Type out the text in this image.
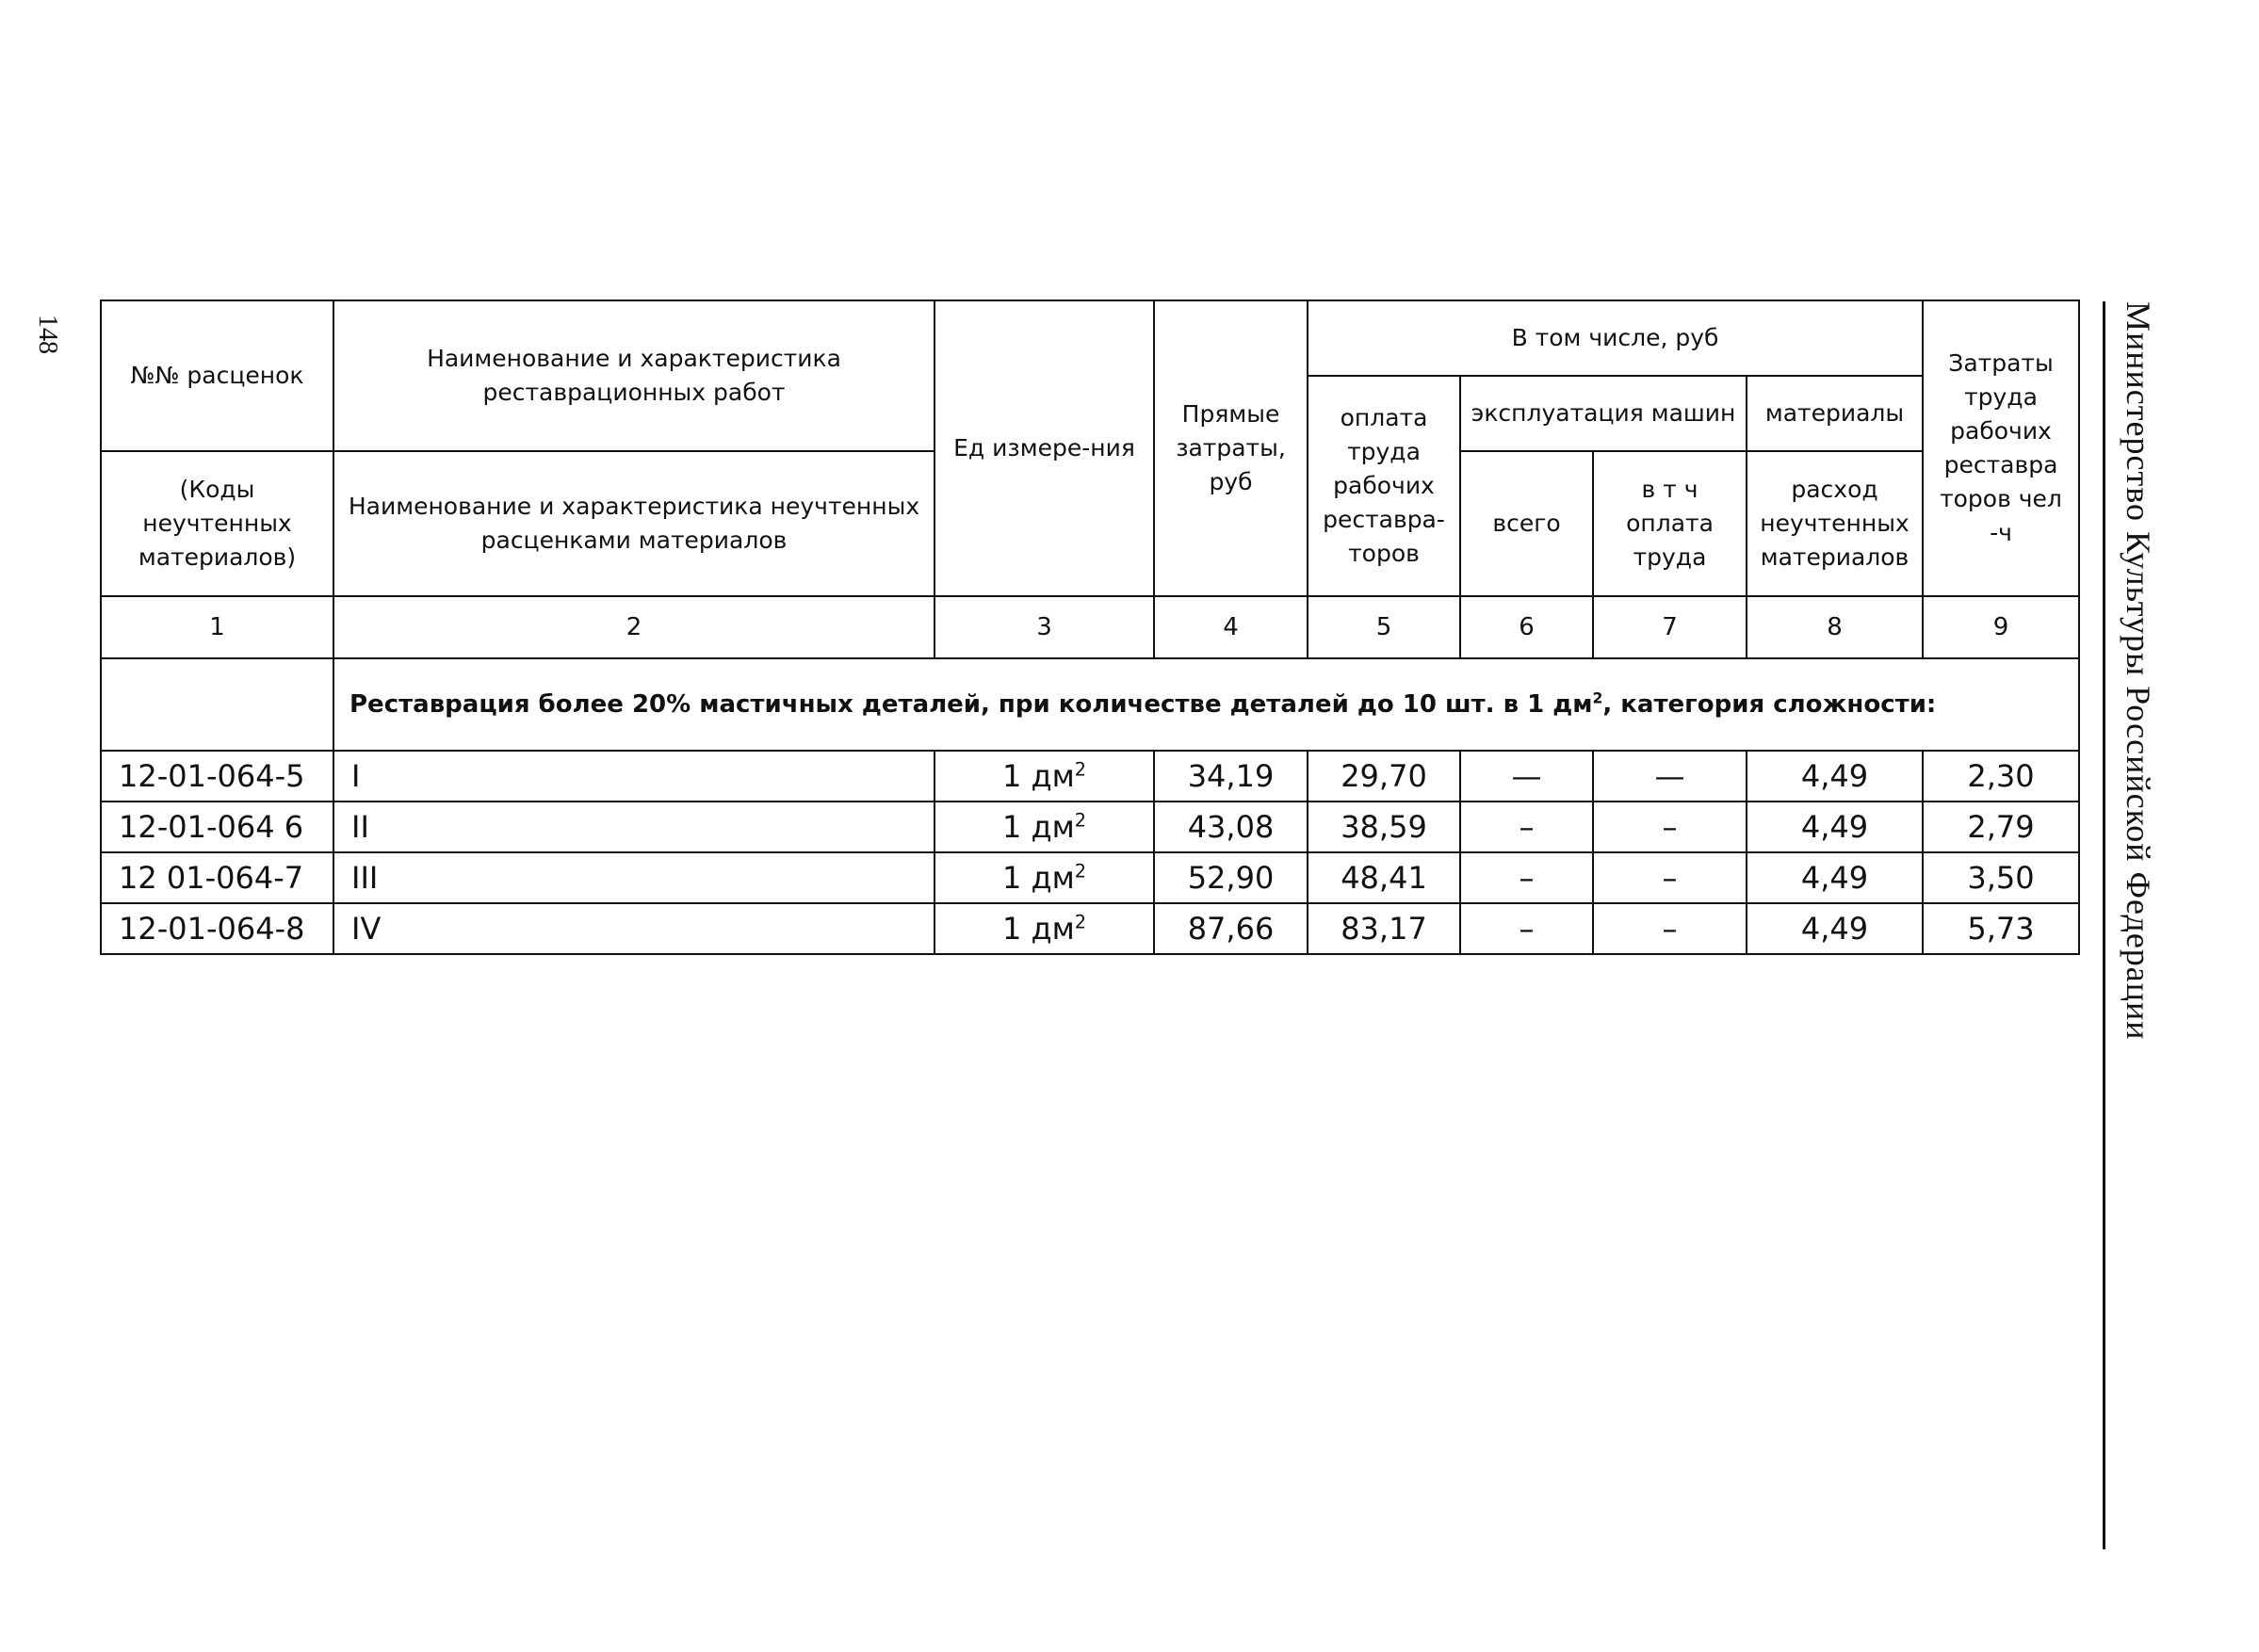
148	Министерство Культуры Российской Федерации
№№ расценок	Наименование и характеристика реставрационных работ	Ед измере-ния	Прямые затраты, руб	В том числе, руб				Затраты труда рабочих реставра торов чел -ч
				оплата труда рабочих реставра-торов	эксплуатация машин		материалы	
(Коды неучтенных материалов)	Наименование и характеристика неучтенных расценками материалов				всего	в т ч оплата труда	расход неучтенных материалов	
1	2	3	4	5	6	7	8	9
	Реставрация более 20% мастичных деталей, при количестве деталей до 10 шт. в 1 $дм^2$, категория сложности:							
12-01-064-5	I	1 $дм^2$	34,19	29,70	—	—	4,49	2,30
12-01-064 6	II	1 $дм^2$	43,08	38,59	–	–	4,49	2,79
12 01-064-7	III	1 $дм^2$	52,90	48,41	–	–	4,49	3,50
12-01-064-8	IV	1 $дм^2$	87,66	83,17	–	–	4,49	5,73
